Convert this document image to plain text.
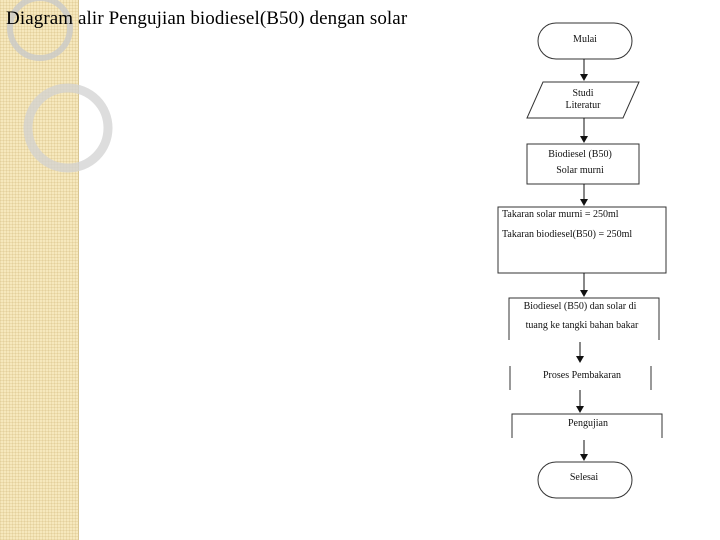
Diagram alir Pengujian biodiesel(B50) dengan solar
Mulai
Studi
Literatur
Biodiesel (B50)
Solar murni
Takaran solar murni = 250ml
Takaran biodiesel(B50) = 250ml
Biodiesel (B50) dan solar di
tuang ke tangki bahan bakar
Proses Pembakaran
Pengujian
Selesai
